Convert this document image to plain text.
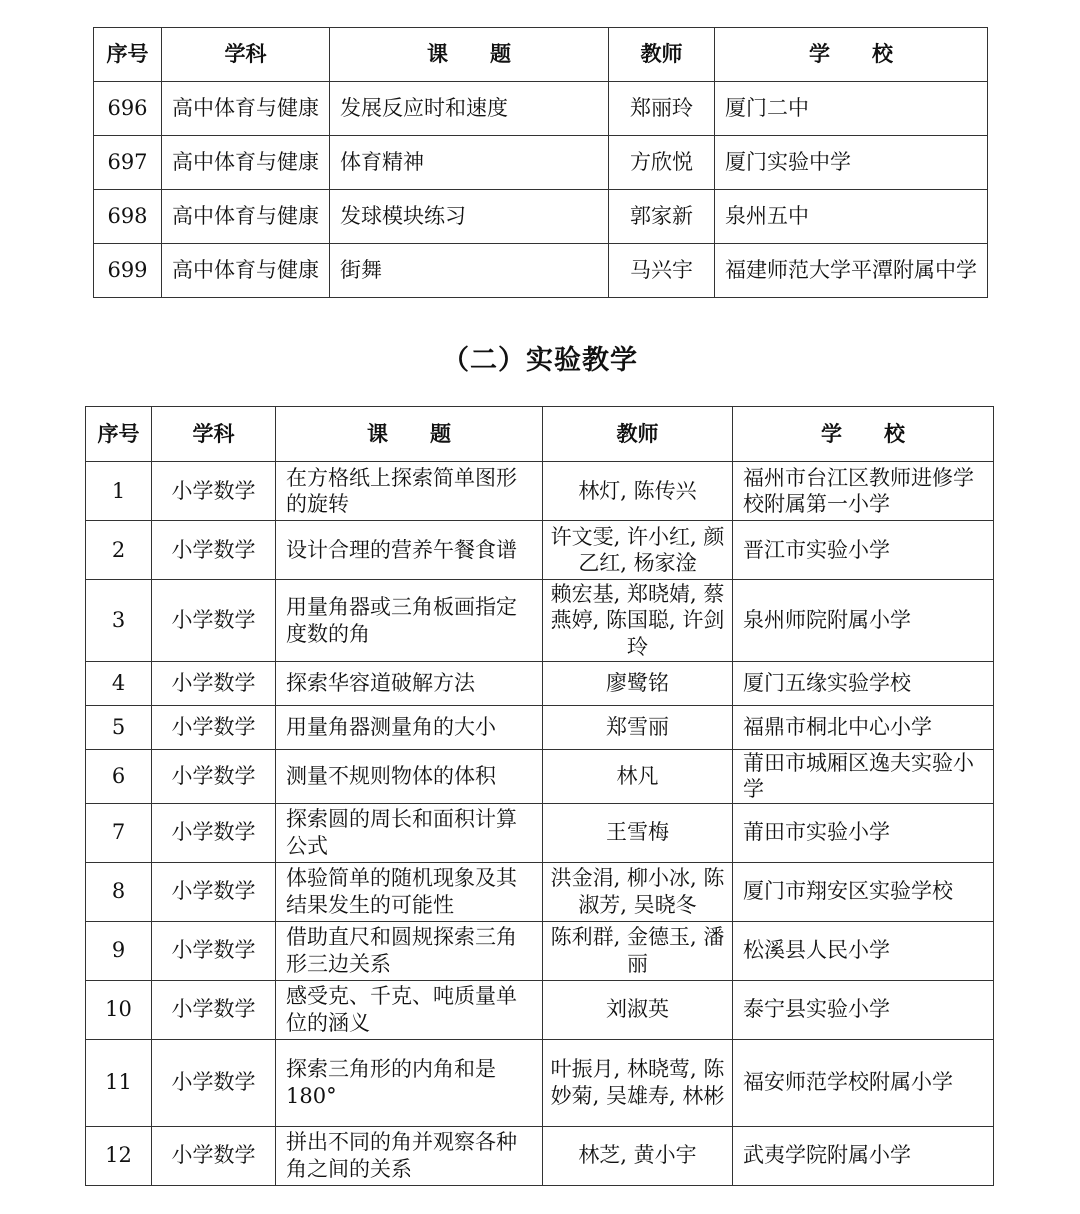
序号	学科	课　　题	教师	学　　校
696	高中体育与健康	发展反应时和速度	郑丽玲	厦门二中
697	高中体育与健康	体育精神	方欣悦	厦门实验中学
698	高中体育与健康	发球模块练习	郭家新	泉州五中
699	高中体育与健康	街舞	马兴宇	福建师范大学平潭附属中学
（二）实验教学
序号	学科	课　　题	教师	学　　校
1	小学数学	在方格纸上探索简单图形的旋转	林灯, 陈传兴	福州市台江区教师进修学校附属第一小学
2	小学数学	设计合理的营养午餐食谱	许文雯, 许小红, 颜乙红, 杨家淦	晋江市实验小学
3	小学数学	用量角器或三角板画指定度数的角	赖宏基, 郑晓婧, 蔡燕婷, 陈国聪, 许剑玲	泉州师院附属小学
4	小学数学	探索华容道破解方法	廖鹭铭	厦门五缘实验学校
5	小学数学	用量角器测量角的大小	郑雪丽	福鼎市桐北中心小学
6	小学数学	测量不规则物体的体积	林凡	莆田市城厢区逸夫实验小学
7	小学数学	探索圆的周长和面积计算公式	王雪梅	莆田市实验小学
8	小学数学	体验简单的随机现象及其结果发生的可能性	洪金涓, 柳小冰, 陈淑芳, 吴晓冬	厦门市翔安区实验学校
9	小学数学	借助直尺和圆规探索三角形三边关系	陈利群, 金德玉, 潘丽	松溪县人民小学
10	小学数学	感受克、千克、吨质量单位的涵义	刘淑英	泰宁县实验小学
11	小学数学	探索三角形的内角和是180°	叶振月, 林晓莺, 陈妙菊, 吴雄寿, 林彬	福安师范学校附属小学
12	小学数学	拼出不同的角并观察各种角之间的关系	林芝, 黄小宇	武夷学院附属小学
